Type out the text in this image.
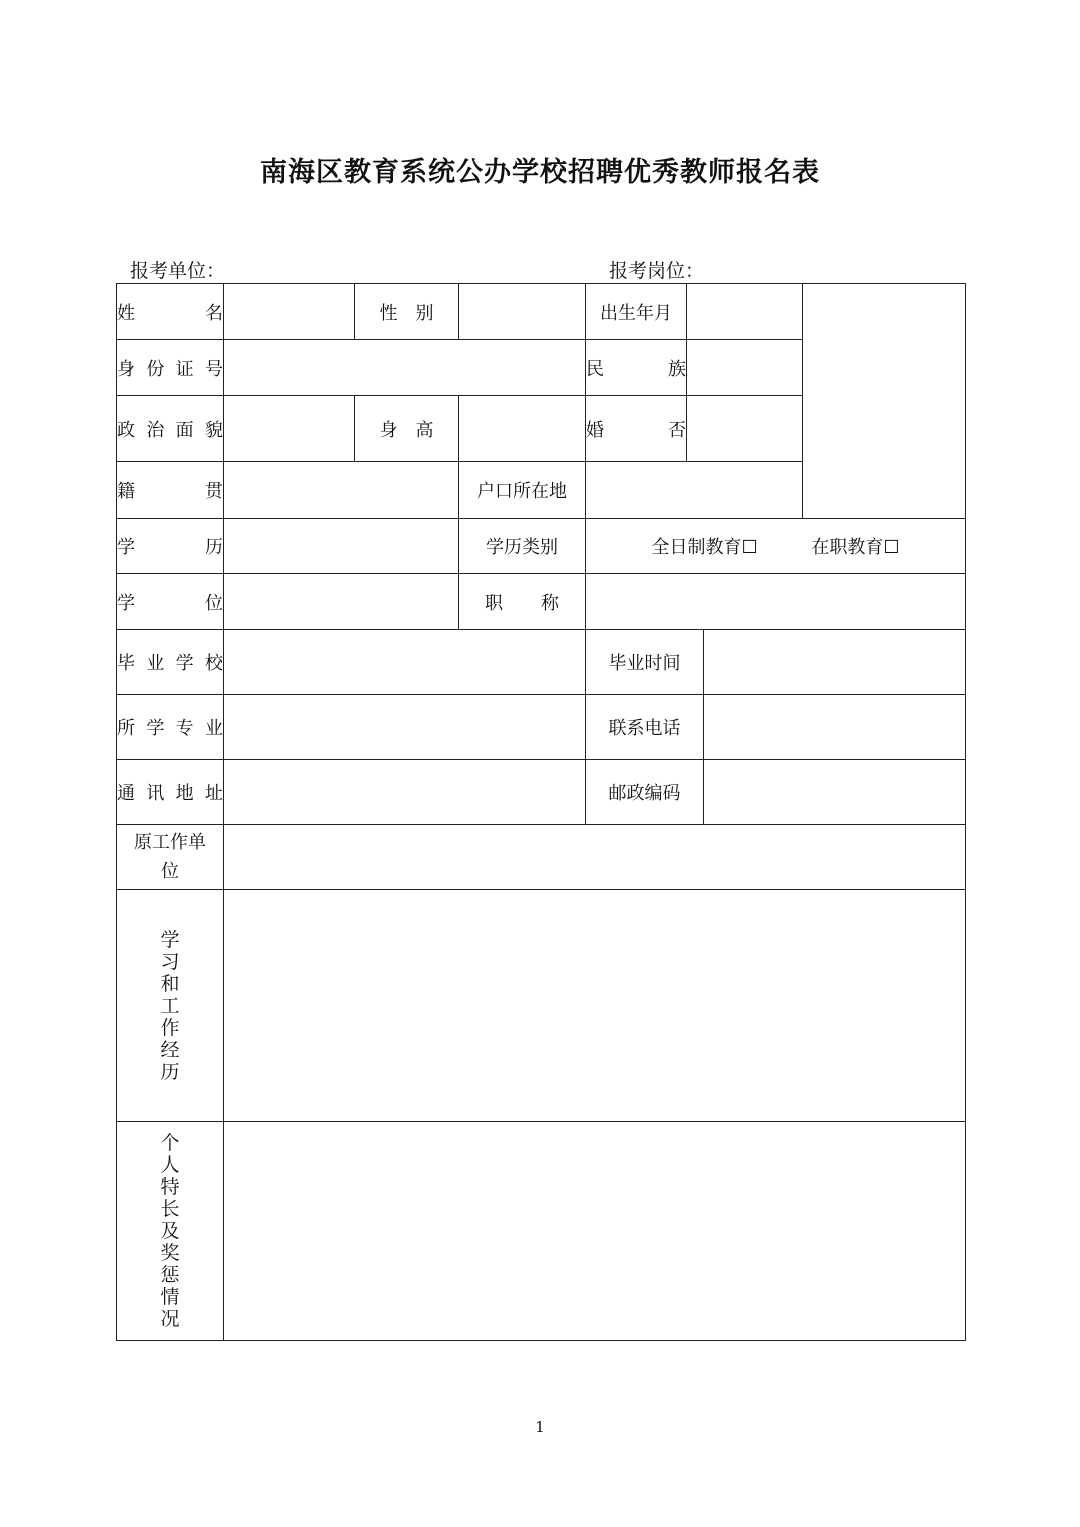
南海区教育系统公办学校招聘优秀教师报名表
报考单位：	报考岗位：
姓　　名		性　别		出生年月			
身份证号				民　　族			
政治面貌		身　高		婚　　否			
籍　　贯			户口所在地				
学　　历			学历类别	全日制教育☐ 在职教育☐			
学　　位			职　　称				
毕业学校				毕业时间			
所学专业				联系电话			
通讯地址				邮政编码			
原工作单位							
学习和工作经历							
个人特长及奖惩情况							
1
